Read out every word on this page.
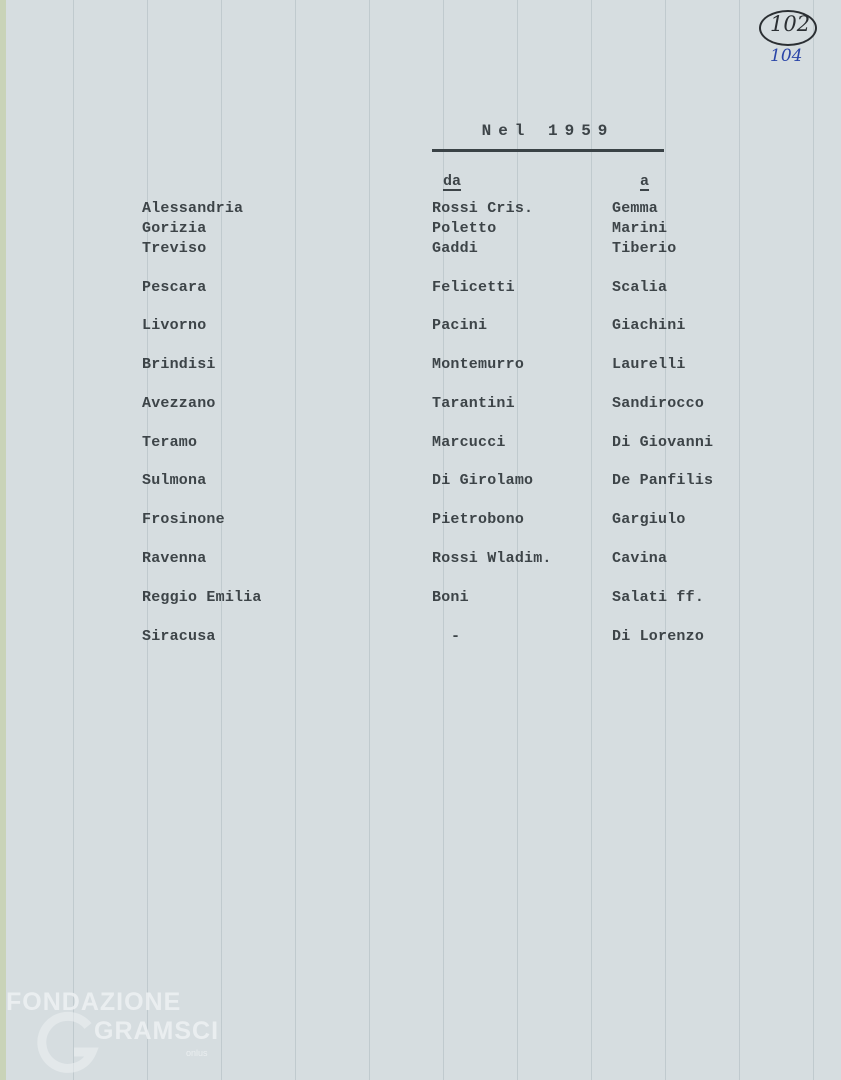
102
104
Nel 1959
da	a
Alessandria	Rossi Cris.	Gemma
Gorizia	Poletto	Marini
Treviso	Gaddi	Tiberio
Pescara	Felicetti	Scalia
Livorno	Pacini	Giachini
Brindisi	Montemurro	Laurelli
Avezzano	Tarantini	Sandirocco
Teramo	Marcucci	Di Giovanni
Sulmona	Di Girolamo	De Panfilis
Frosinone	Pietrobono	Gargiulo
Ravenna	Rossi Wladim.	Cavina
Reggio Emilia	Boni	Salati ff.
Siracusa	-	Di Lorenzo
FONDAZIONE
GRAMSCI
onlus
